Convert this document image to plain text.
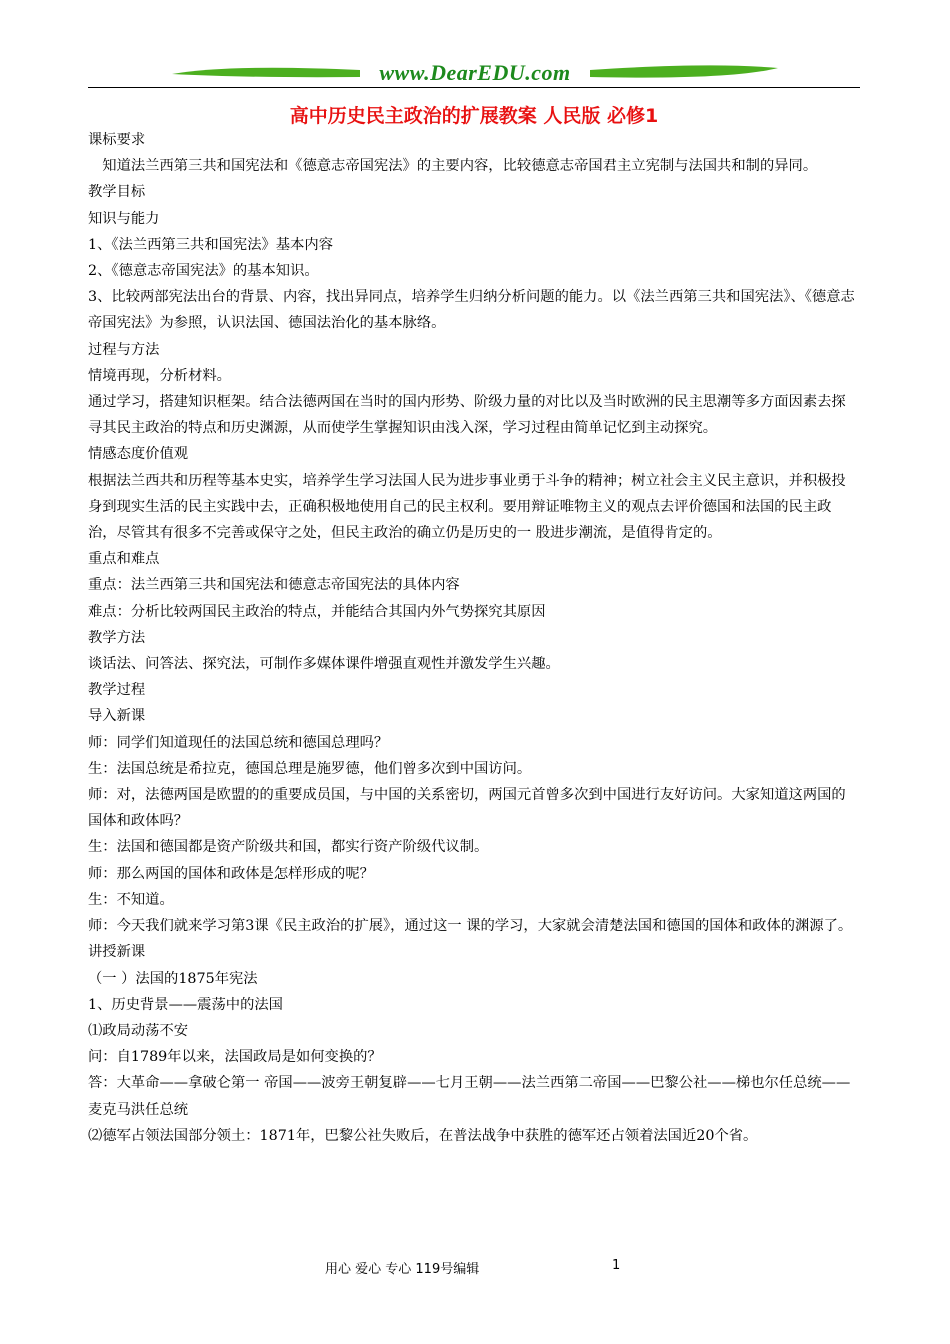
www.DearEDU.com
高中历史民主政治的扩展教案 人民版 必修1

课标要求

知道法兰西第三共和国宪法和《德意志帝国宪法》的主要内容，比较德意志帝国君主立宪制与法国共和制的异同。

教学目标

知识与能力

1、《法兰西第三共和国宪法》基本内容

2、《德意志帝国宪法》的基本知识。

3、比较两部宪法出台的背景、内容，找出异同点，培养学生归纳分析问题的能力。以《法兰西第三共和国宪法》、《德意志帝国宪法》为参照，认识法国、德国法治化的基本脉络。

过程与方法

情境再现，分析材料。

通过学习，搭建知识框架。结合法德两国在当时的国内形势、阶级力量的对比以及当时欧洲的民主思潮等多方面因素去探寻其民主政治的特点和历史渊源，从而使学生掌握知识由浅入深，学习过程由简单记忆到主动探究。

情感态度价值观

根据法兰西共和历程等基本史实，培养学生学习法国人民为进步事业勇于斗争的精神；树立社会主义民主意识，并积极投身到现实生活的民主实践中去，正确积极地使用自己的民主权利。要用辩证唯物主义的观点去评价德国和法国的民主政治，尽管其有很多不完善或保守之处，但民主政治的确立仍是历史的一 股进步潮流，是值得肯定的。

重点和难点

重点：法兰西第三共和国宪法和德意志帝国宪法的具体内容

难点：分析比较两国民主政治的特点，并能结合其国内外气势探究其原因

教学方法

谈话法、问答法、探究法，可制作多媒体课件增强直观性并激发学生兴趣。

教学过程

导入新课

师：同学们知道现任的法国总统和德国总理吗？

生：法国总统是希拉克，德国总理是施罗德，他们曾多次到中国访问。

师：对，法德两国是欧盟的的重要成员国，与中国的关系密切，两国元首曾多次到中国进行友好访问。大家知道这两国的国体和政体吗？

生：法国和德国都是资产阶级共和国，都实行资产阶级代议制。

师：那么两国的国体和政体是怎样形成的呢？

生：不知道。

师：今天我们就来学习第3课《民主政治的扩展》，通过这一 课的学习，大家就会清楚法国和德国的国体和政体的渊源了。

讲授新课

（一 ）法国的1875年宪法

1、历史背景——震荡中的法国

⑴政局动荡不安

问：自1789年以来，法国政局是如何变换的？

答：大革命——拿破仑第一 帝国——波旁王朝复辟——七月王朝——法兰西第二帝国——巴黎公社——梯也尔任总统——麦克马洪任总统

⑵德军占领法国部分领土：1871年，巴黎公社失败后，在普法战争中获胜的德军还占领着法国近20个省。

用心 爱心 专心 119号编辑	1
